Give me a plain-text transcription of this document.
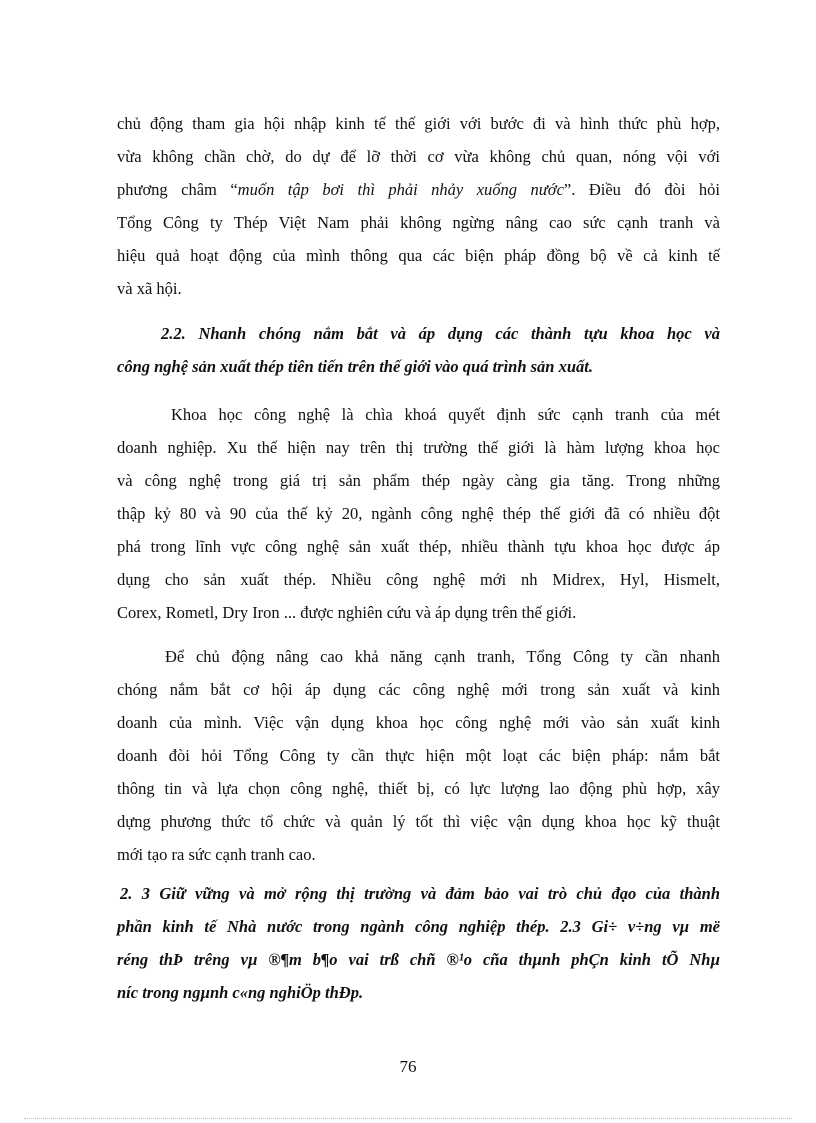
chủ động tham gia hội nhập kinh tế thế giới với bước đi và hình thức phù hợp,

vừa không chần chờ, do dự để lỡ thời cơ vừa không chủ quan, nóng vội với

phương châm “muốn tập bơi thì phải nhảy xuống nước”. Điều đó đòi hỏi

Tổng Công ty Thép Việt Nam phải không ngừng nâng cao sức cạnh tranh và

hiệu quả hoạt động của mình thông qua các biện pháp đồng bộ về cả kinh tế

và xã hội.

2.2. Nhanh chóng nắm bắt và áp dụng các thành tựu khoa học và

công nghệ sản xuất thép tiên tiến trên thế giới vào quá trình sản xuất.

Khoa học công nghệ là chìa khoá quyết định sức cạnh tranh của mét

doanh nghiệp. Xu thế hiện nay trên thị trường thế giới là hàm lượng khoa học

và công nghệ trong giá trị sản phẩm thép ngày càng gia tăng. Trong những

thập kỷ 80 và 90 của thế kỷ 20, ngành công nghệ thép thế giới đã có nhiều đột

phá trong lĩnh vực công nghệ sản xuất thép, nhiều thành tựu khoa học được áp

dụng cho sản xuất thép. Nhiều công nghệ mới nh Midrex, Hyl, Hismelt,

Corex, Rometl, Dry Iron ... được nghiên cứu và áp dụng trên thế giới.

Để chủ động nâng cao khả năng cạnh tranh, Tổng Công ty cần nhanh

chóng nắm bắt cơ hội áp dụng các công nghệ mới trong sản xuất và kinh

doanh của mình. Việc vận dụng khoa học công nghệ mới vào sản xuất kinh

doanh đòi hỏi Tổng Công ty cần thực hiện một loạt các biện pháp: nắm bắt

thông tin và lựa chọn công nghệ, thiết bị, có lực lượng lao động phù hợp, xây

dựng phương thức tổ chức và quản lý tốt thì việc vận dụng khoa học kỹ thuật

mới tạo ra sức cạnh tranh cao.

2. 3 Giữ vững và mở rộng thị trường và đảm bảo vai trò chủ đạo của thành

phần kinh tế Nhà nước trong ngành công nghiệp thép. 2.3 Gi÷ v÷ng vµ më

réng thÞ trêng vµ ®¶m b¶o vai trß chñ ®¹o cña thµnh phÇn kinh tÕ Nhµ

níc trong ngµnh c«ng nghiÖp thÐp.

76
